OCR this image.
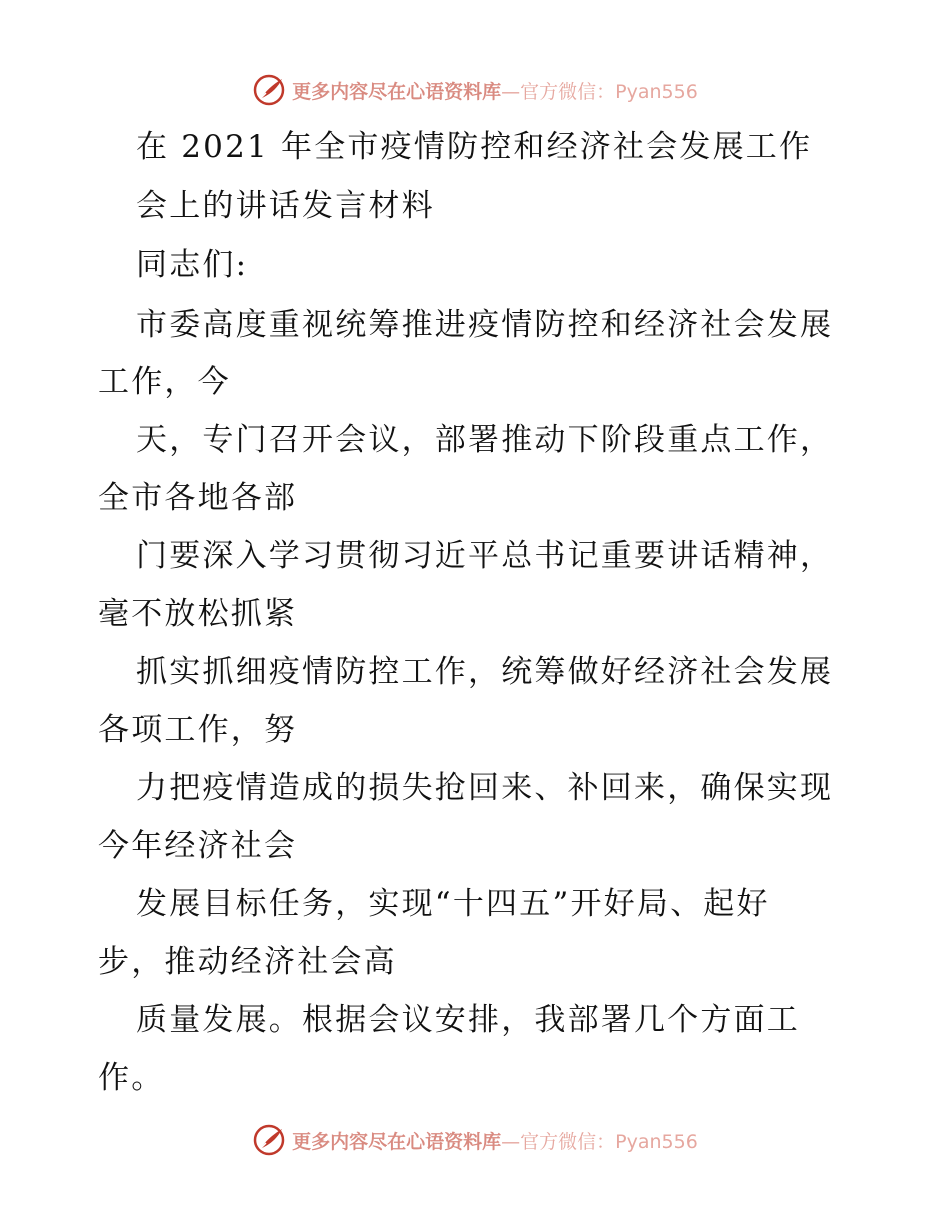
更多内容尽在心语资料库—官方微信：Pyan556
在 2021 年全市疫情防控和经济社会发展工作
会上的讲话发言材料
同志们:
市委高度重视统筹推进疫情防控和经济社会发展
工作，今
天，专门召开会议，部署推动下阶段重点工作，
全市各地各部
门要深入学习贯彻习近平总书记重要讲话精神，
毫不放松抓紧
抓实抓细疫情防控工作，统筹做好经济社会发展
各项工作，努
力把疫情造成的损失抢回来、补回来，确保实现
今年经济社会
发展目标任务，实现“十四五”开好局、起好
步，推动经济社会高
质量发展。根据会议安排，我部署几个方面工
作。
更多内容尽在心语资料库—官方微信：Pyan556
